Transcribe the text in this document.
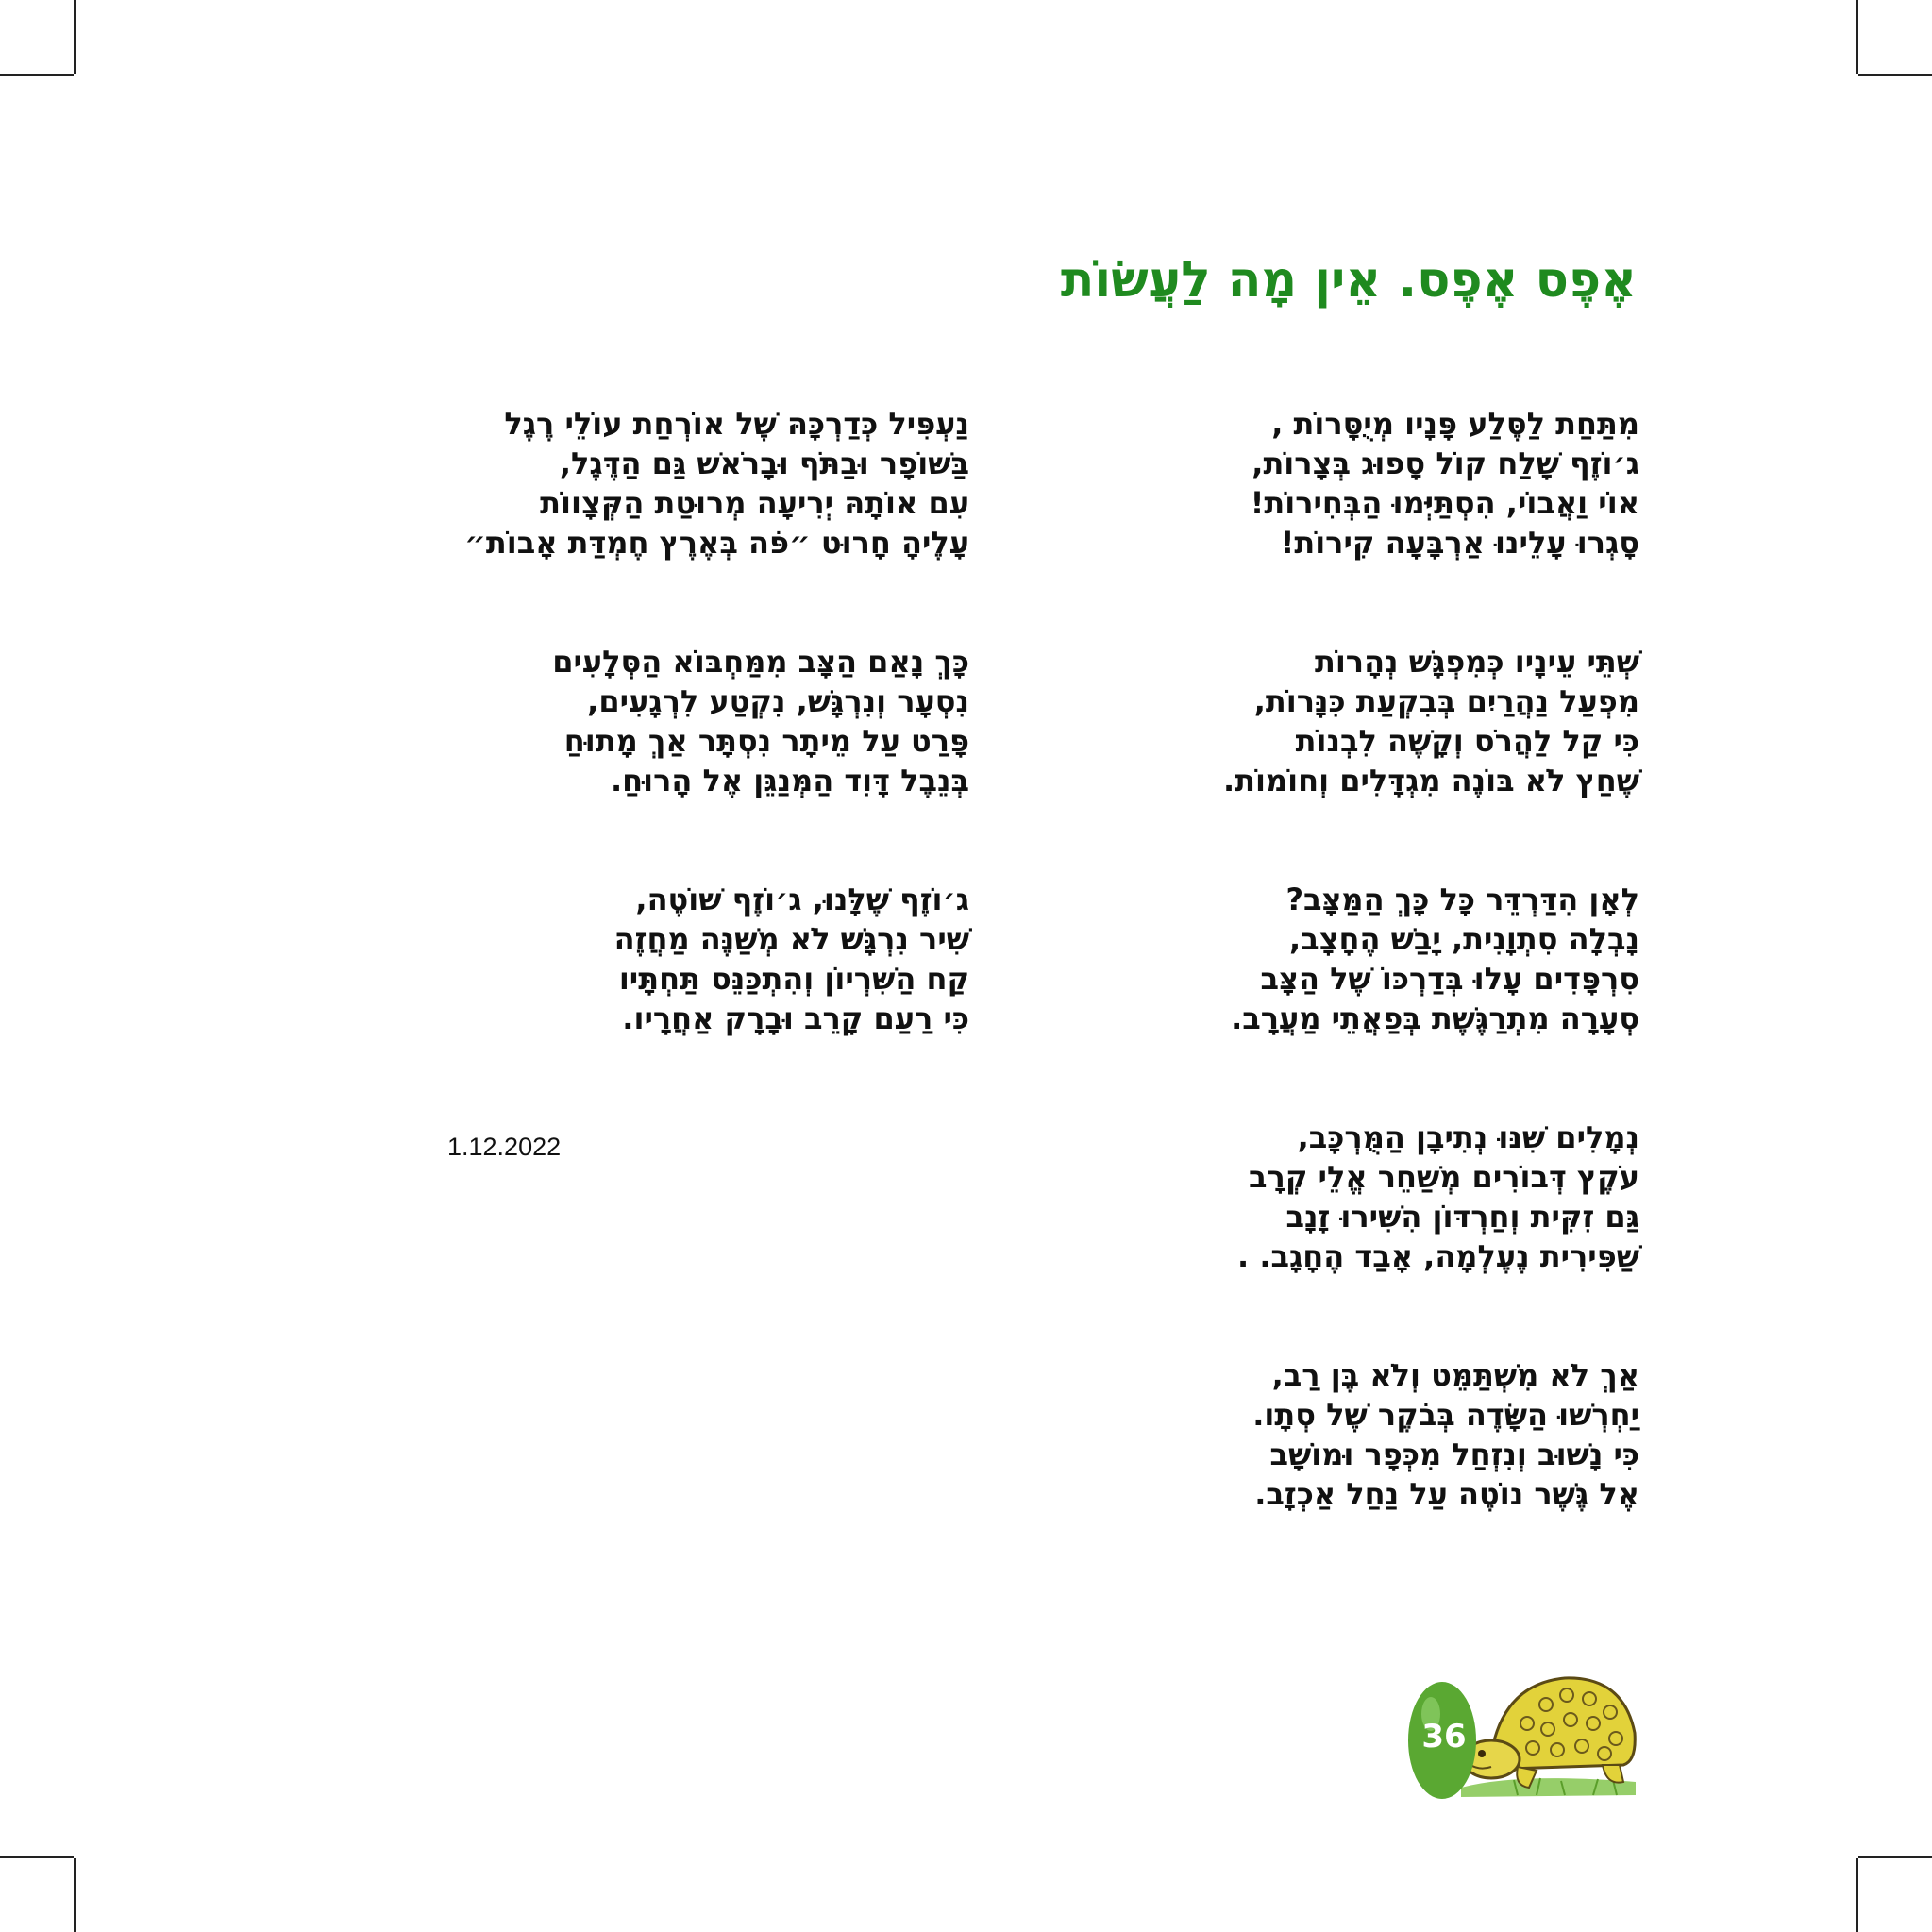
אֶפֶס אֶפֶס. אֵין מָה לַעֲשׂוֹת
מִתַּחַת לַסֶּלַע פָּנָיו מְיֻסָּרוֹת ,
ג׳וֹזֶף שָׁלַח קוֹל סָפוּג בְּצָרוֹת,
אוֹי וַאֲבוֹי, הִסְתַּיְּמוּ הַבְּחִירוֹת!
סָגְרוּ עָלֵינוּ אַרְבָּעָה קִירוֹת!
שְׁתֵּי עֵינָיו כְּמִפְגָּשׁ נְהָרוֹת
מִפְעַל נַהֲרַיִם בְּבִקְעַת כִּנָּרוֹת,
כִּי קַל לַהֲרֹס וְקָשֶׁה לִבְנוֹת
שֶׁחַץ לֹא בּוֹנֶה מִגְדָּלִים וְחוֹמוֹת.
לְאָן הִדַּרְדֵּר כָּל כָּךְ הַמַּצָּב?
נָבְלָה סִתְוָנִית, יָבַשׁ הֶחָצָב,
סִרְפָּדִים עָלוּ בְּדַרְכּוֹ שֶׁל הַצָּב
סְעָרָה מִתְרַגֶּשֶׁת בְּפַאֲתֵי מַעֲרָב.
נְמָלִים שִׁנּוּ נְתִיבָן הַמֻּרְכָּב,
עֹקֶץ דְּבוֹרִים מְשַׁחֵר אֱלֵי קְרָב
גַּם זִקִּית וְחַרְדּוֹן הִשִּׁירוּ זָנָב
שַׁפִּירִית נֶעֶלְמָה, אָבַד הֶחָגָב. .
אַךְ לֹא מִשְׁתַּמֵּט וְלֹא בֶּן רַב,
יַחְרְשׁוּ הַשָּׂדֶה בְּבֹקֶר שֶׁל סְתָו.
כִּי נָשׁוּב וְנִזְחַל מִכְּפָר וּמוֹשָׁב
אֶל גֶּשֶׁר נוֹטֶה עַל נַחַל אַכְזָב.
נַעְפִּיל כְּדַרְכָּהּ שֶׁל אוֹרְחַת עוֹלֵי רֶגֶל
בַּשּׁוֹפָר וּבַתֹּף וּבָרֹאשׁ גַּם הַדֶּגֶל,
עִם אוֹתָהּ יְרִיעָה מְרוּטַת הַקְּצָווֹת
עָלֶיהָ חָרוּט ״פֹּה בְּאֶרֶץ חֶמְדַּת אָבוֹת״
כָּךְ נָאַם הַצָּב מִמַּחְבּוֹא הַסְּלָעִים
נִסְעָר וְנִרְגָּשׁ, נִקְטַע לִרְגָעִים,
פָּרַט עַל מֵיתָר נִסְתָּר אַךְ מָתוּחַ
בְּנֵבֶל דָּוִד הַמְּנַגֵּן אֶל הָרוּחַ.
ג׳וֹזֶף שֶׁלָּנוּ, ג׳וֹזֶף שׁוֹטֶה,
שִׁיר נִרְגָּשׁ לֹא מְשַׁנֶּה מַחֲזֶה
קַח הַשִּׁרְיוֹן וְהִתְכַּנֵּס תַּחְתָּיו
כִּי רַעַם קָרֵב וּבָרָק אַחֲרָיו.
1.12.2022
36
